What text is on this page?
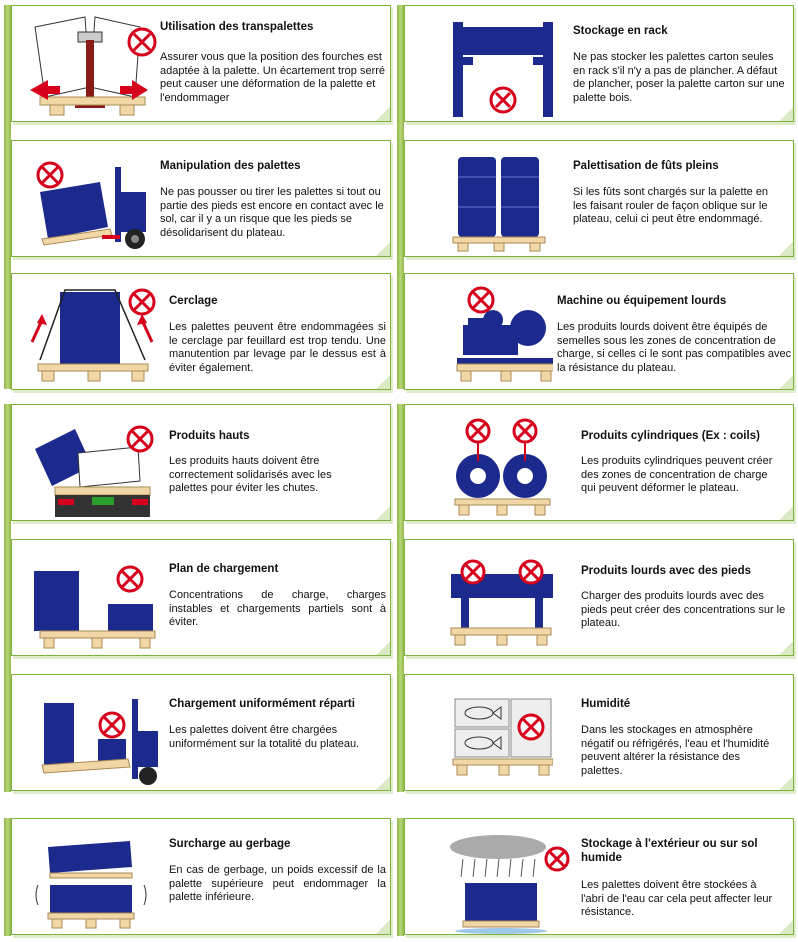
Utilisation des transpalettes
Assurer vous que la position des fourches est adaptée à la palette. Un écartement trop serré peut causer une déformation de la palette et l'endommager
Stockage en rack
Ne pas stocker les palettes carton seules en rack s'il n'y a pas de plancher. A défaut de plancher, poser la palette carton sur une palette bois.
Manipulation des palettes
Ne pas pousser ou tirer les palettes si tout ou partie des pieds est encore en contact avec le sol, car il y a un risque que les pieds se désolidarisent du plateau.
Palettisation de fûts pleins
Si les fûts sont chargés sur la palette en les faisant rouler de façon oblique sur le plateau, celui ci peut être endommagé.
Cerclage
Les palettes peuvent être endommagées si le cerclage par feuillard est trop tendu. Une manutention par levage par le dessus est à éviter également.
Machine ou équipement lourds
Les produits lourds doivent être équipés de semelles sous les zones de concentration de charge, si celles ci le sont pas compatibles avec la résistance du plateau.
Produits hauts
Les produits hauts doivent être correctement solidarisés avec les palettes pour éviter les chutes.
Produits cylindriques (Ex : coils)
Les produits cylindriques peuvent créer des zones de concentration de charge qui peuvent déformer le plateau.
Plan de chargement
Concentrations de charge, charges instables et chargements partiels sont à éviter.
Produits lourds avec des pieds
Charger des produits lourds avec des pieds peut créer des concentrations sur le plateau.
Chargement uniformément réparti
Les palettes doivent être chargées uniformément sur la totalité du plateau.
Humidité
Dans les stockages en atmosphère négatif ou réfrigérés, l'eau et l'humidité peuvent altérer la résistance des palettes.
Surcharge au gerbage
En cas de gerbage, un poids excessif de la palette supérieure peut endommager la palette inférieure.
Stockage à l'extérieur ou sur sol humide
Les palettes doivent être stockées à l'abri de l'eau car cela peut affecter leur résistance.
